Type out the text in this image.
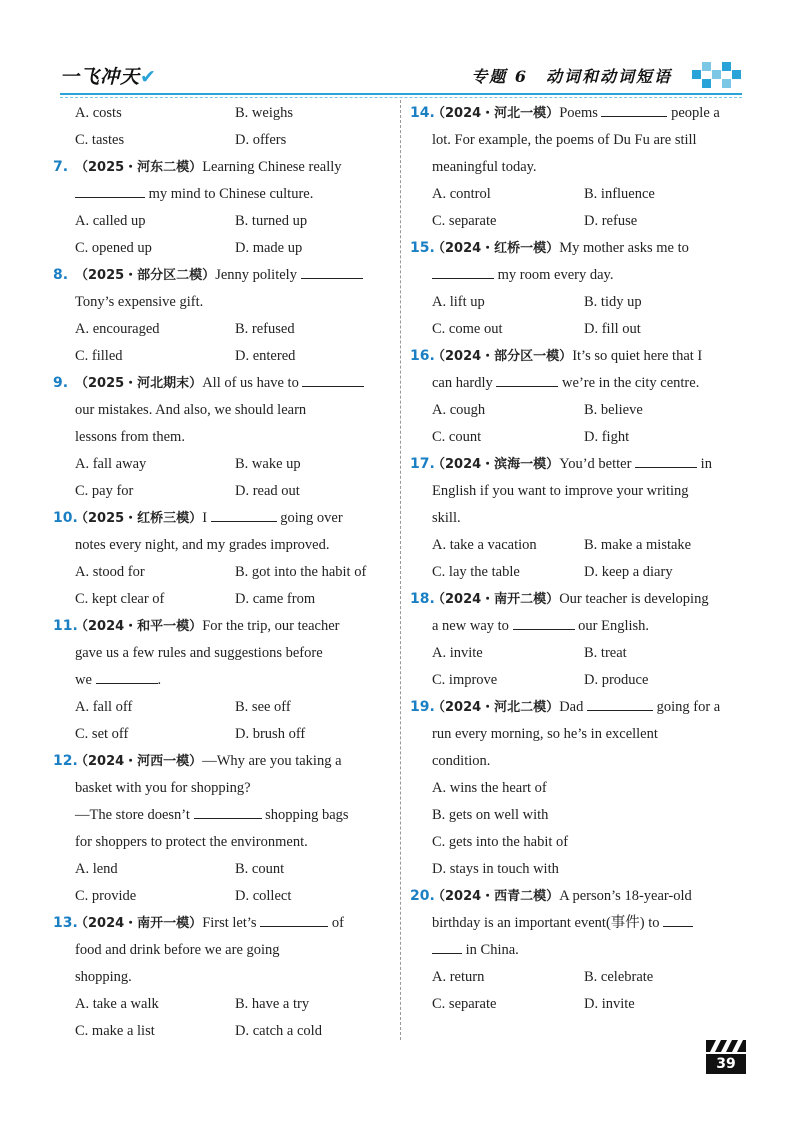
一飞冲天✔	专题 6　动词和动词短语
A. costs	B. weighs
C. tastes	D. offers
7. （2025・河东二模）Learning Chinese really
my mind to Chinese culture.
A. called up	B. turned up
C. opened up	D. made up
8. （2025・部分区二模）Jenny politely
Tony’s expensive gift.
A. encouraged	B. refused
C. filled	D. entered
9. （2025・河北期末）All of us have to
our mistakes. And also, we should learn
lessons from them.
A. fall away	B. wake up
C. pay for	D. read out
10.
（2025・红桥三模）I	going over
notes every night, and my grades improved.
A. stood for	B. got into the habit of
C. kept clear of	D. came from
11.
（2024・和平一模）For the trip, our teacher
gave us a few rules and suggestions before
we	.
A. fall off	B. see off
C. set off	D. brush off
12.
（2024・河西一模）—Why are you taking a
basket with you for shopping?
—The store doesn’t	shopping bags
for shoppers to protect the environment.
A. lend	B. count
C. provide	D. collect
13.
（2024・南开一模）First let’s	of
food and drink before we are going
shopping.
A. take a walk	B. have a try
C. make a list	D. catch a cold
14.
（2024・河北一模）Poems	people a
lot. For example, the poems of Du Fu are still
meaningful today.
A. control	B. influence
C. separate	D. refuse
15.
（2024・红桥一模）My mother asks me to
my room every day.
A. lift up	B. tidy up
C. come out	D. fill out
16.
（2024・部分区一模）It’s so quiet here that I
can hardly	we’re in the city centre.
A. cough	B. believe
C. count	D. fight
17.
（2024・滨海一模）You’d better	in
English if you want to improve your writing
skill.
A. take a vacation	B. make a mistake
C. lay the table	D. keep a diary
18.
（2024・南开二模）Our teacher is developing
a new way to	our English.
A. invite	B. treat
C. improve	D. produce
19.
（2024・河北二模）Dad	going for a
run every morning, so he’s in excellent
condition.
A. wins the heart of
B. gets on well with
C. gets into the habit of
D. stays in touch with
20.
（2024・西青二模）A person’s 18-year-old
birthday is an important event(事件) to
in China.
A. return	B. celebrate
C. separate	D. invite
39
